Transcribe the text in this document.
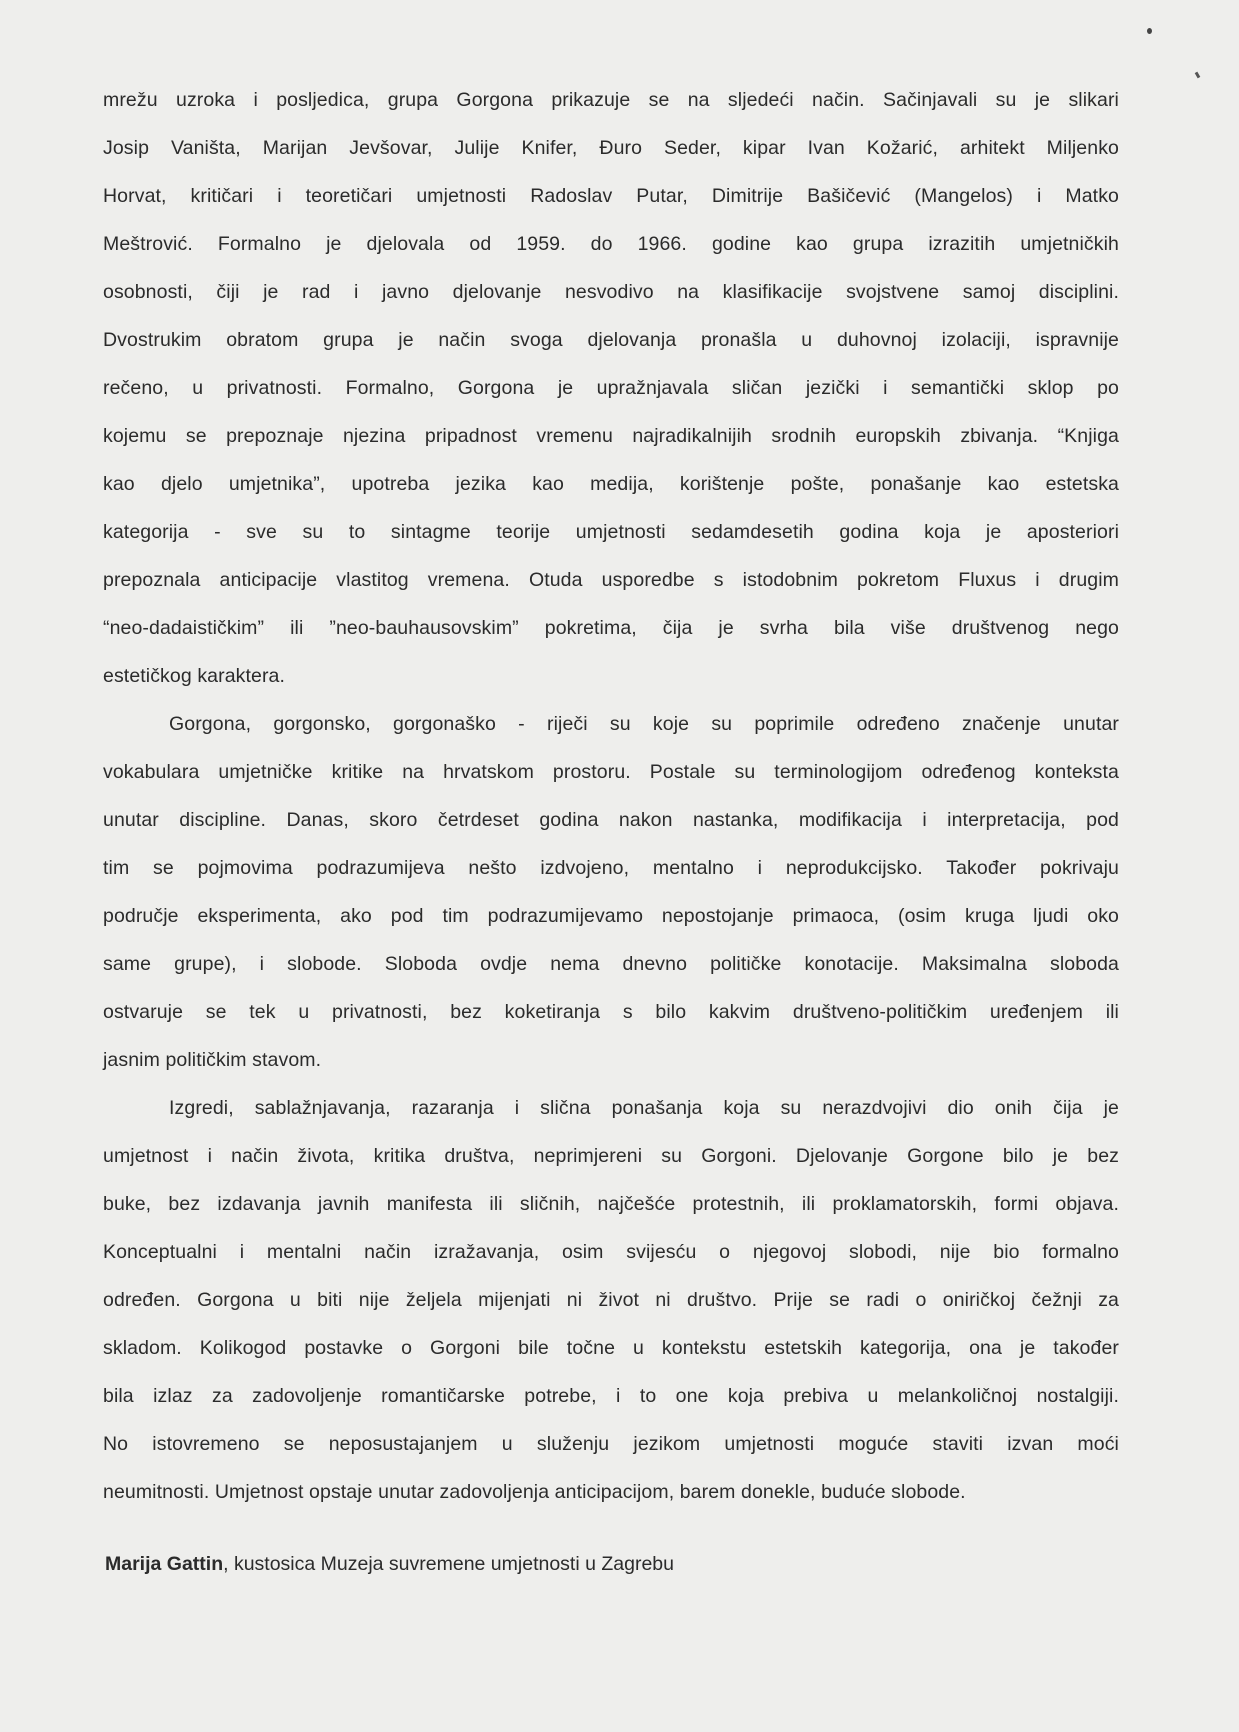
mrežu uzroka i posljedica, grupa Gorgona prikazuje se na sljedeći način. Sačinjavali su je slikari
Josip Vaništa, Marijan Jevšovar, Julije Knifer, Đuro Seder, kipar Ivan Kožarić, arhitekt Miljenko
Horvat, kritičari i teoretičari umjetnosti Radoslav Putar, Dimitrije Bašičević (Mangelos) i Matko
Meštrović. Formalno je djelovala od 1959. do 1966. godine kao grupa izrazitih umjetničkih
osobnosti, čiji je rad i javno djelovanje nesvodivo na klasifikacije svojstvene samoj disciplini.
Dvostrukim obratom grupa je način svoga djelovanja pronašla u duhovnoj izolaciji, ispravnije
rečeno, u privatnosti. Formalno, Gorgona je upražnjavala sličan jezički i semantički sklop po
kojemu se prepoznaje njezina pripadnost vremenu najradikalnijih srodnih europskih zbivanja. “Knjiga
kao djelo umjetnika”, upotreba jezika kao medija, korištenje pošte, ponašanje kao estetska
kategorija - sve su to sintagme teorije umjetnosti sedamdesetih godina koja je aposteriori
prepoznala anticipacije vlastitog vremena. Otuda usporedbe s istodobnim pokretom Fluxus i drugim
“neo-dadaističkim” ili ”neo-bauhausovskim” pokretima, čija je svrha bila više društvenog nego
estetičkog karaktera.
Gorgona, gorgonsko, gorgonaško - riječi su koje su poprimile određeno značenje unutar
vokabulara umjetničke kritike na hrvatskom prostoru. Postale su terminologijom određenog konteksta
unutar discipline. Danas, skoro četrdeset godina nakon nastanka, modifikacija i interpretacija, pod
tim se pojmovima podrazumijeva nešto izdvojeno, mentalno i neprodukcijsko. Također pokrivaju
područje eksperimenta, ako pod tim podrazumijevamo nepostojanje primaoca, (osim kruga ljudi oko
same grupe), i slobode. Sloboda ovdje nema dnevno političke konotacije. Maksimalna sloboda
ostvaruje se tek u privatnosti, bez koketiranja s bilo kakvim društveno-političkim uređenjem ili
jasnim političkim stavom.
Izgredi, sablažnjavanja, razaranja i slična ponašanja koja su nerazdvojivi dio onih čija je
umjetnost i način života, kritika društva, neprimjereni su Gorgoni. Djelovanje Gorgone bilo je bez
buke, bez izdavanja javnih manifesta ili sličnih, najčešće protestnih, ili proklamatorskih, formi objava.
Konceptualni i mentalni način izražavanja, osim svijesću o njegovoj slobodi, nije bio formalno
određen. Gorgona u biti nije željela mijenjati ni život ni društvo. Prije se radi o oniričkoj čežnji za
skladom. Kolikogod postavke o Gorgoni bile točne u kontekstu estetskih kategorija, ona je također
bila izlaz za zadovoljenje romantičarske potrebe, i to one koja prebiva u melankoličnoj nostalgiji.
No istovremeno se neposustajanjem u služenju jezikom umjetnosti moguće staviti izvan moći
neumitnosti. Umjetnost opstaje unutar zadovoljenja anticipacijom, barem donekle, buduće slobode.
Marija Gattin, kustosica Muzeja suvremene umjetnosti u Zagrebu
